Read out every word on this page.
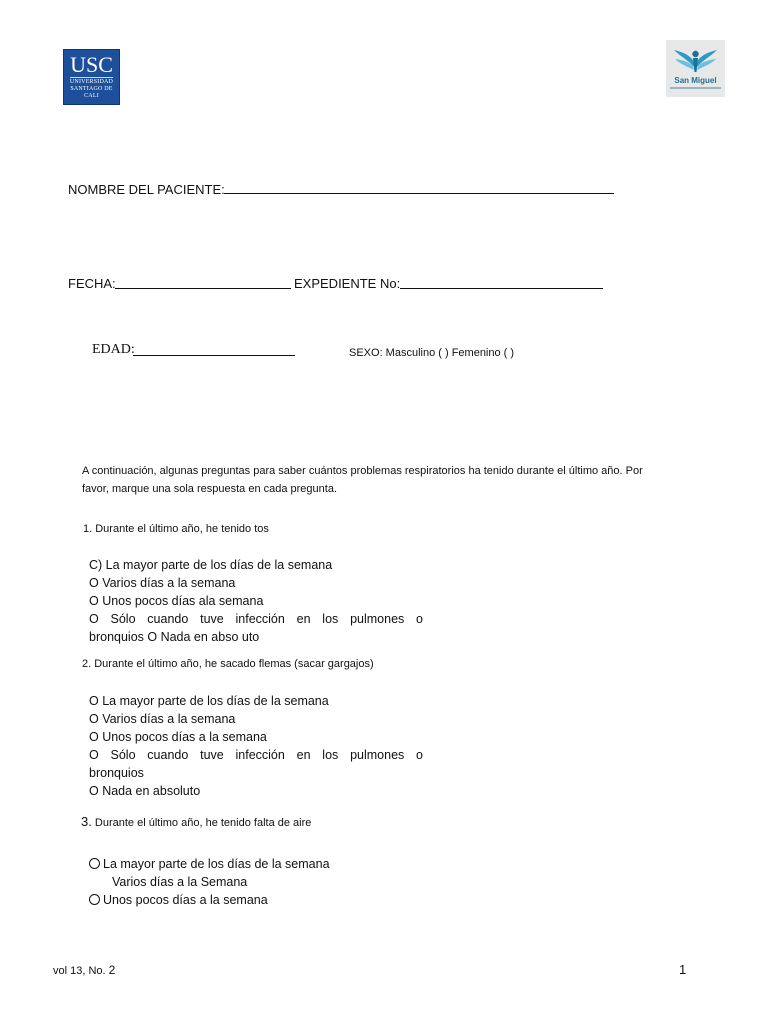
USC
UNIVERSIDAD SANTIAGO DE CALI
San Miguel
NOMBRE DEL PACIENTE:
FECHA:	EXPEDIENTE No:
EDAD:	SEXO: Masculino ( ) Femenino ( )
A continuación, algunas preguntas para saber cuántos problemas respiratorios ha tenido durante el último año. Por
favor, marque una sola respuesta en cada pregunta.
1. Durante el último año, he tenido tos
C) La mayor parte de los días de la semana
O Varios días a la semana
O Unos pocos días ala semana
O Sólo cuando tuve infección en los pulmones o
bronquios O Nada en abso uto
2. Durante el último año, he sacado flemas (sacar gargajos)
O La mayor parte de los días de la semana
O Varios días a la semana
O Unos pocos días a la semana
O Sólo cuando tuve infección en los pulmones o
bronquios
O Nada en absoluto
3. Durante el último año, he tenido falta de aire
La mayor parte de los días de la semana
Varios días a la Semana
Unos pocos días a la semana
vol 13, No. 2	1
